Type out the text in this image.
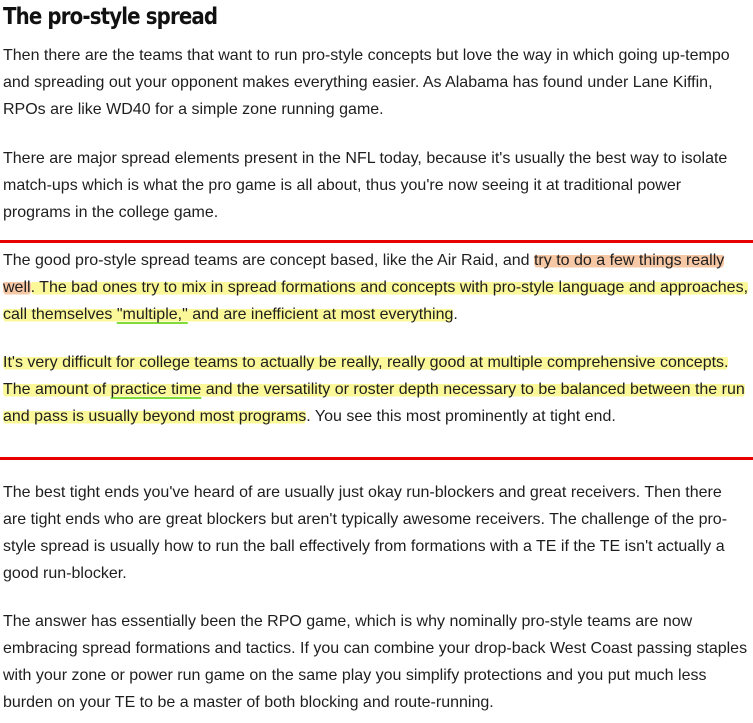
The pro-style spread

Then there are the teams that want to run pro-style concepts but love the way in which going up-tempo and spreading out your opponent makes everything easier. As Alabama has found under Lane Kiffin, RPOs are like WD40 for a simple zone running game.

There are major spread elements present in the NFL today, because it's usually the best way to isolate match-ups which is what the pro game is all about, thus you're now seeing it at traditional power programs in the college game.

The good pro-style spread teams are concept based, like the Air Raid, and try to do a few things really well. The bad ones try to mix in spread formations and concepts with pro-style language and approaches, call themselves "multiple," and are inefficient at most everything.

It's very difficult for college teams to actually be really, really good at multiple comprehensive concepts. The amount of practice time and the versatility or roster depth necessary to be balanced between the run and pass is usually beyond most programs. You see this most prominently at tight end.

The best tight ends you've heard of are usually just okay run-blockers and great receivers. Then there are tight ends who are great blockers but aren't typically awesome receivers. The challenge of the pro-style spread is usually how to run the ball effectively from formations with a TE if the TE isn't actually a good run-blocker.

The answer has essentially been the RPO game, which is why nominally pro-style teams are now embracing spread formations and tactics. If you can combine your drop-back West Coast passing staples with your zone or power run game on the same play you simplify protections and you put much less burden on your TE to be a master of both blocking and route-running.
